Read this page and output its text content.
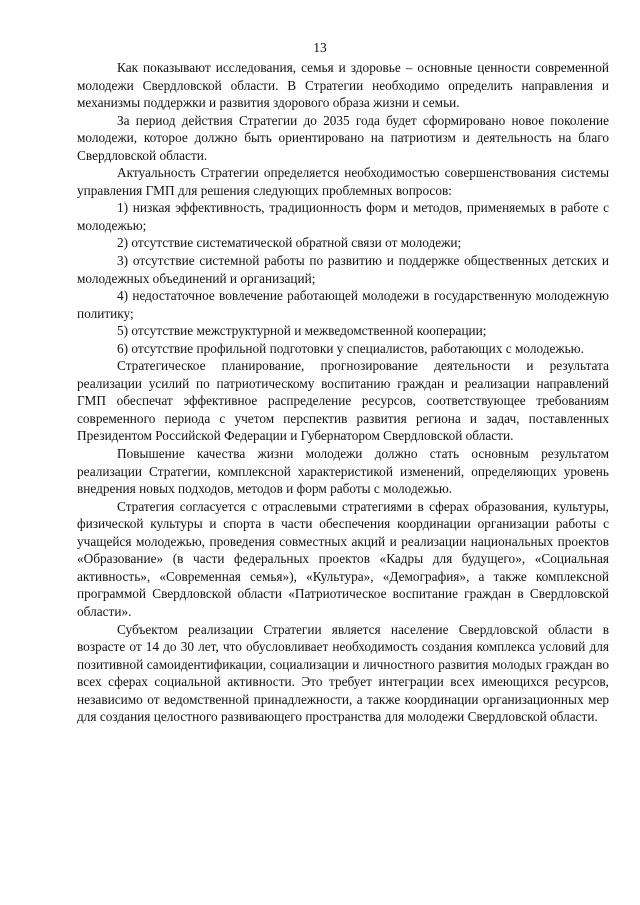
13

Как показывают исследования, семья и здоровье – основные ценности современной молодежи Свердловской области. В Стратегии необходимо определить направления и механизмы поддержки и развития здорового образа жизни и семьи.

За период действия Стратегии до 2035 года будет сформировано новое поколение молодежи, которое должно быть ориентировано на патриотизм и деятельность на благо Свердловской области.

Актуальность Стратегии определяется необходимостью совершенствования системы управления ГМП для решения следующих проблемных вопросов:

1) низкая эффективность, традиционность форм и методов, применяемых в работе с молодежью;

2) отсутствие систематической обратной связи от молодежи;

3) отсутствие системной работы по развитию и поддержке общественных детских и молодежных объединений и организаций;

4) недостаточное вовлечение работающей молодежи в государственную молодежную политику;

5) отсутствие межструктурной и межведомственной кооперации;

6) отсутствие профильной подготовки у специалистов, работающих с молодежью.

Стратегическое планирование, прогнозирование деятельности и результата реализации усилий по патриотическому воспитанию граждан и реализации направлений ГМП обеспечат эффективное распределение ресурсов, соответствующее требованиям современного периода с учетом перспектив развития региона и задач, поставленных Президентом Российской Федерации и Губернатором Свердловской области.

Повышение качества жизни молодежи должно стать основным результатом реализации Стратегии, комплексной характеристикой изменений, определяющих уровень внедрения новых подходов, методов и форм работы с молодежью.

Стратегия согласуется с отраслевыми стратегиями в сферах образования, культуры, физической культуры и спорта в части обеспечения координации организации работы с учащейся молодежью, проведения совместных акций и реализации национальных проектов «Образование» (в части федеральных проектов «Кадры для будущего», «Социальная активность», «Современная семья»), «Культура», «Демография», а также комплексной программой Свердловской области «Патриотическое воспитание граждан в Свердловской области».

Субъектом реализации Стратегии является население Свердловской области в возрасте от 14 до 30 лет, что обусловливает необходимость создания комплекса условий для позитивной самоидентификации, социализации и личностного развития молодых граждан во всех сферах социальной активности. Это требует интеграции всех имеющихся ресурсов, независимо от ведомственной принадлежности, а также координации организационных мер для создания целостного развивающего пространства для молодежи Свердловской области.
